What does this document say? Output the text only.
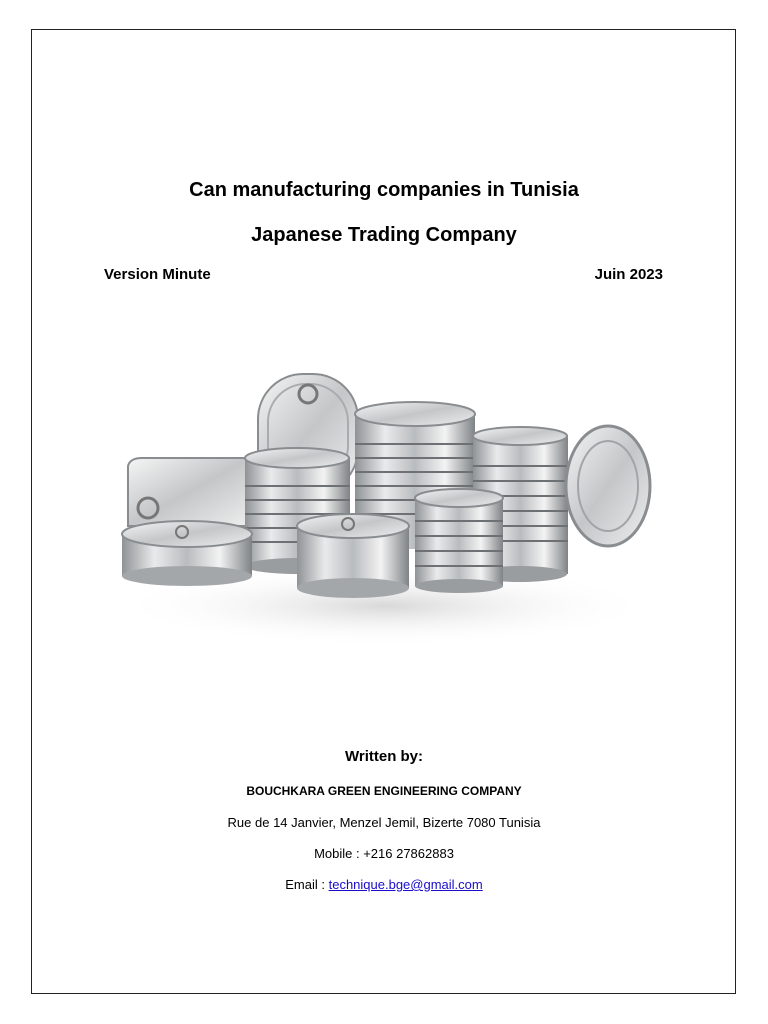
Can manufacturing companies in Tunisia
Japanese Trading Company
Version Minute	Juin 2023
Written by:
BOUCHKARA GREEN ENGINEERING COMPANY
Rue de 14 Janvier, Menzel Jemil, Bizerte 7080 Tunisia
Mobile : +216 27862883
Email : technique.bge@gmail.com
